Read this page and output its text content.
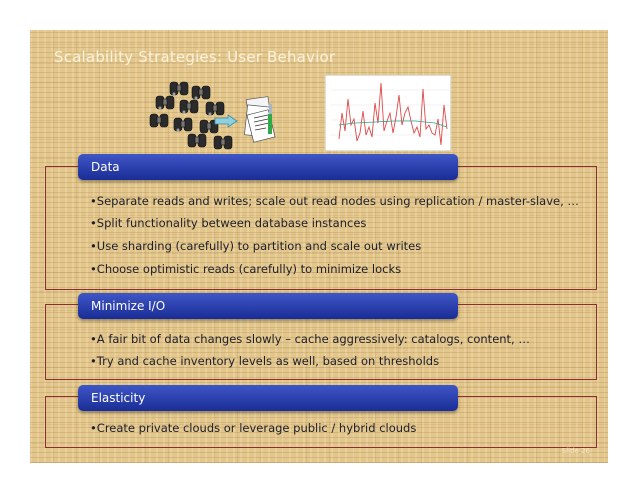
Scalability Strategies: User Behavior
Data
•Separate reads and writes; scale out read nodes using replication / master-slave, …
•Split functionality between database instances
•Use sharding (carefully) to partition and scale out writes
•Choose optimistic reads (carefully) to minimize locks
Minimize I/O
•A fair bit of data changes slowly – cache aggressively: catalogs, content, …
•Try and cache inventory levels as well, based on thresholds
Elasticity
•Create private clouds or leverage public / hybrid clouds
Slide 26
